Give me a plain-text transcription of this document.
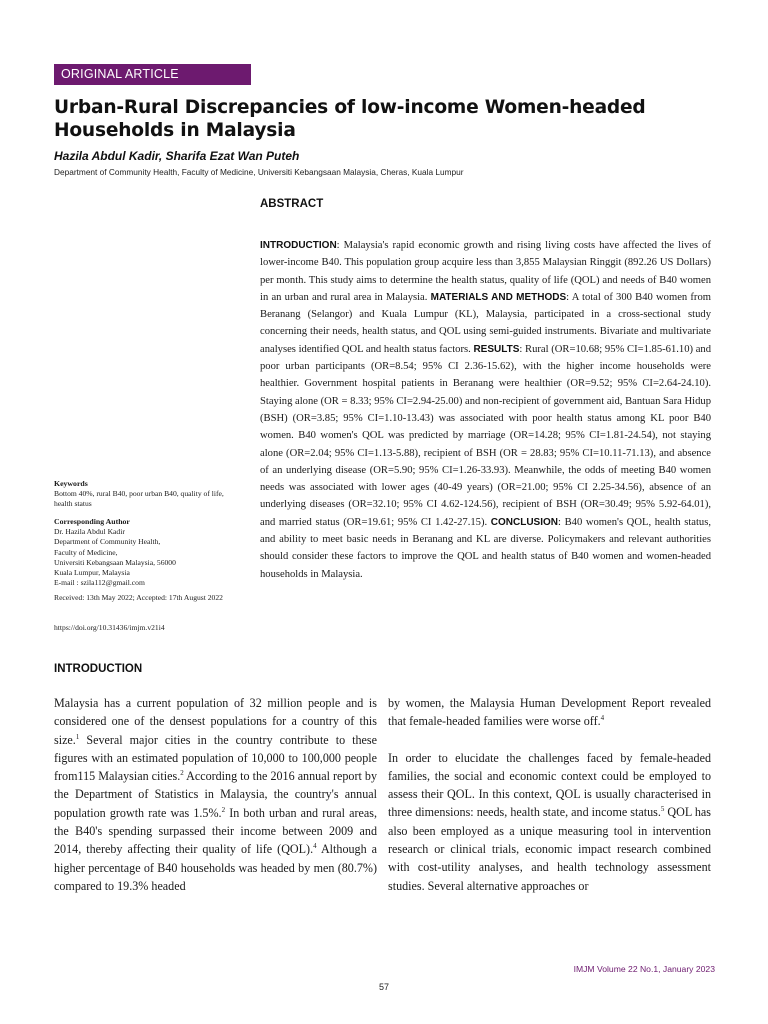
ORIGINAL ARTICLE
Urban-Rural Discrepancies of low-income Women-headed Households in Malaysia
Hazila Abdul Kadir, Sharifa Ezat Wan Puteh
Department of Community Health, Faculty of Medicine, Universiti Kebangsaan Malaysia, Cheras, Kuala Lumpur
ABSTRACT
INTRODUCTION: Malaysia's rapid economic growth and rising living costs have affected the lives of lower-income B40. This population group acquire less than 3,855 Malaysian Ringgit (892.26 US Dollars) per month. This study aims to determine the health status, quality of life (QOL) and needs of B40 women in an urban and rural area in Malaysia. MATERIALS AND METHODS: A total of 300 B40 women from Beranang (Selangor) and Kuala Lumpur (KL), Malaysia, participated in a cross-sectional study concerning their needs, health status, and QOL using semi-guided instruments. Bivariate and multivariate analyses identified QOL and health status factors. RESULTS: Rural (OR=10.68; 95% CI=1.85-61.10) and poor urban participants (OR=8.54; 95% CI 2.36-15.62), with the higher income households were healthier. Government hospital patients in Beranang were healthier (OR=9.52; 95% CI=2.64-24.10). Staying alone (OR = 8.33; 95% CI=2.94-25.00) and non-recipient of government aid, Bantuan Sara Hidup (BSH) (OR=3.85; 95% CI=1.10-13.43) was associated with poor health status among KL poor B40 women. B40 women's QOL was predicted by marriage (OR=14.28; 95% CI=1.81-24.54), not staying alone (OR=2.04; 95% CI=1.13-5.88), recipient of BSH (OR = 28.83; 95% CI=10.11-71.13), and absence of an underlying disease (OR=5.90; 95% CI=1.26-33.93). Meanwhile, the odds of meeting B40 women needs was associated with lower ages (40-49 years) (OR=21.00; 95% CI 2.25-34.56), absence of an underlying diseases (OR=32.10; 95% CI 4.62-124.56), recipient of BSH (OR=30.49; 95% 5.92-64.01), and married status (OR=19.61; 95% CI 1.42-27.15). CONCLUSION: B40 women's QOL, health status, and ability to meet basic needs in Beranang and KL are diverse. Policymakers and relevant authorities should consider these factors to improve the QOL and health status of B40 women and women-headed households in Malaysia.
Keywords
Bottom 40%, rural B40, poor urban B40, quality of life, health status
Corresponding Author
Dr. Hazila Abdul Kadir
Department of Community Health,
Faculty of Medicine,
Universiti Kebangsaan Malaysia, 56000
Kuala Lumpur, Malaysia
E-mail : szila112@gmail.com
Received: 13th May 2022; Accepted: 17th August 2022
https://doi.org/10.31436/imjm.v21i4
INTRODUCTION

Malaysia has a current population of 32 million people and is considered one of the densest populations for a country of this size.$^1$ Several major cities in the country contribute to these figures with an estimated population of 10,000 to 100,000 people from115 Malaysian cities.$^2$ According to the 2016 annual report by the Department of Statistics in Malaysia, the country's annual population growth rate was 1.5%.$^2$ In both urban and rural areas, the B40's spending surpassed their income between 2009 and 2014, thereby affecting their quality of life (QOL).$^4$ Although a higher percentage of B40 households was headed by men (80.7%) compared to 19.3% headed

by women, the Malaysia Human Development Report revealed that female-headed families were worse off.$^4$

In order to elucidate the challenges faced by female-headed families, the social and economic context could be employed to assess their QOL. In this context, QOL is usually characterised in three dimensions: needs, health state, and income status.$^5$ QOL has also been employed as a unique measuring tool in intervention research or clinical trials, economic impact research combined with cost-utility analyses, and health technology assessment studies. Several alternative approaches or

IMJM Volume 22 No.1, January 2023
57
